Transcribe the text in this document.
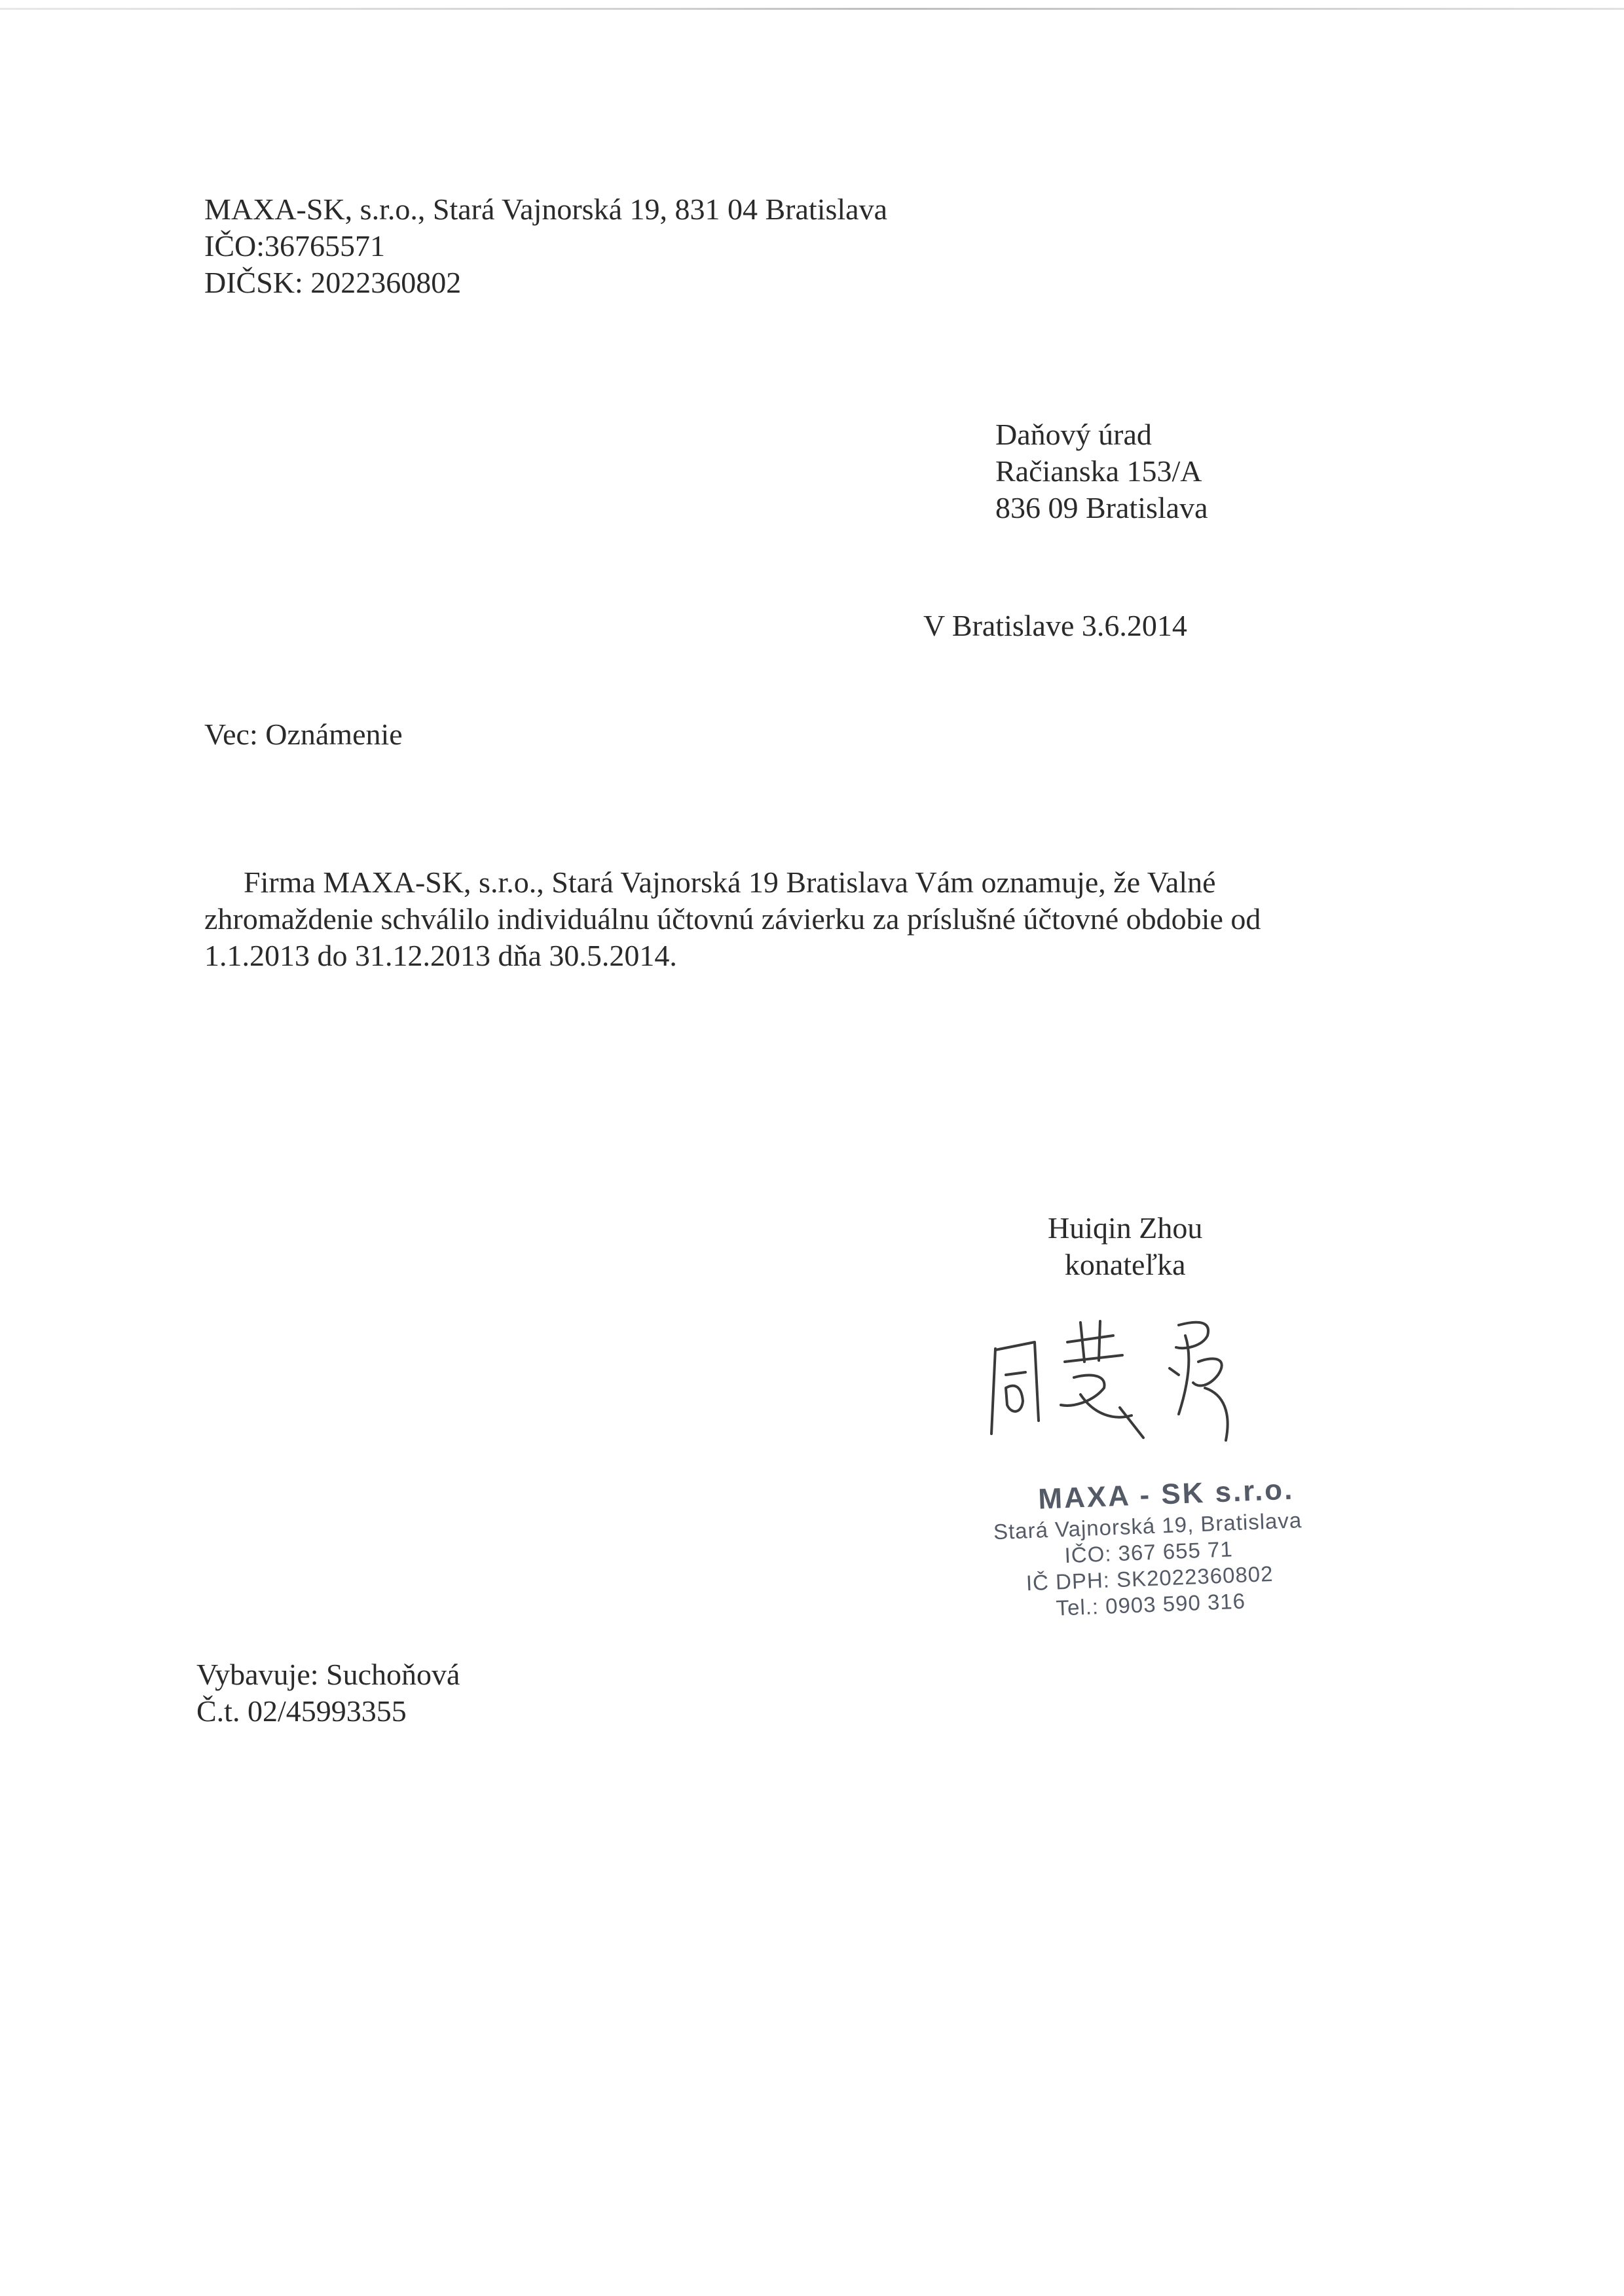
MAXA-SK, s.r.o., Stará Vajnorská 19, 831 04 Bratislava
IČO:36765571
DIČSK: 2022360802
Daňový úrad
Račianska 153/A
836 09 Bratislava
V Bratislave 3.6.2014
Vec: Oznámenie
Firma MAXA-SK, s.r.o., Stará Vajnorská 19 Bratislava Vám oznamuje, že Valné
zhromaždenie schválilo individuálnu účtovnú závierku za príslušné účtovné obdobie od
1.1.2013 do 31.12.2013 dňa 30.5.2014.
Huiqin Zhou
konateľka
MAXA - SK s.r.o.
Stará Vajnorská 19, Bratislava
IČO: 367 655 71
IČ DPH: SK2022360802
Tel.: 0903 590 316
Vybavuje: Suchoňová
Č.t. 02/45993355
